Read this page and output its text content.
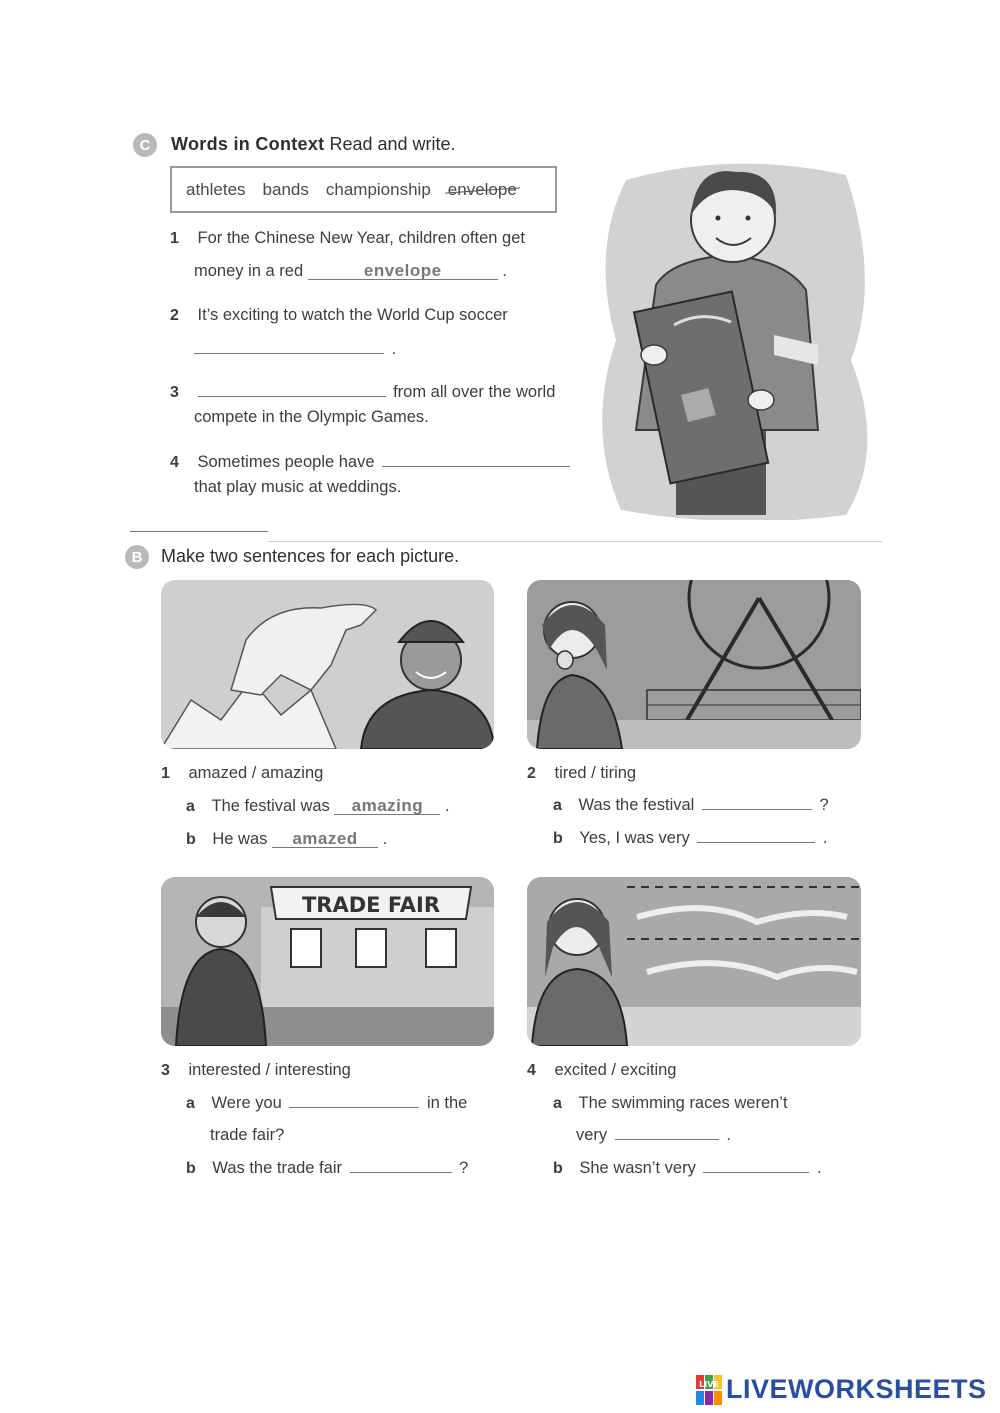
C	Words in Context Read and write.
athletes bands championship envelope
1 For the Chinese New Year, children often get
money in a red	envelope	.
2 It’s exciting to watch the World Cup soccer
.
3	from all over the world
compete in the Olympic Games.
4 Sometimes people have
that play music at weddings.
B	Make two sentences for each picture.
1 amazed / amazing
a The festival was amazing .
b He was amazed .
2 tired / tiring
a Was the festival	?
b Yes, I was very	.
TRADE FAIR
3 interested / interesting
a Were you	in the
trade fair?
b Was the trade fair	?
4 excited / exciting
a The swimming races weren’t
very	.
b She wasn’t very	.
LIVE LIVEWORKSHEETS
